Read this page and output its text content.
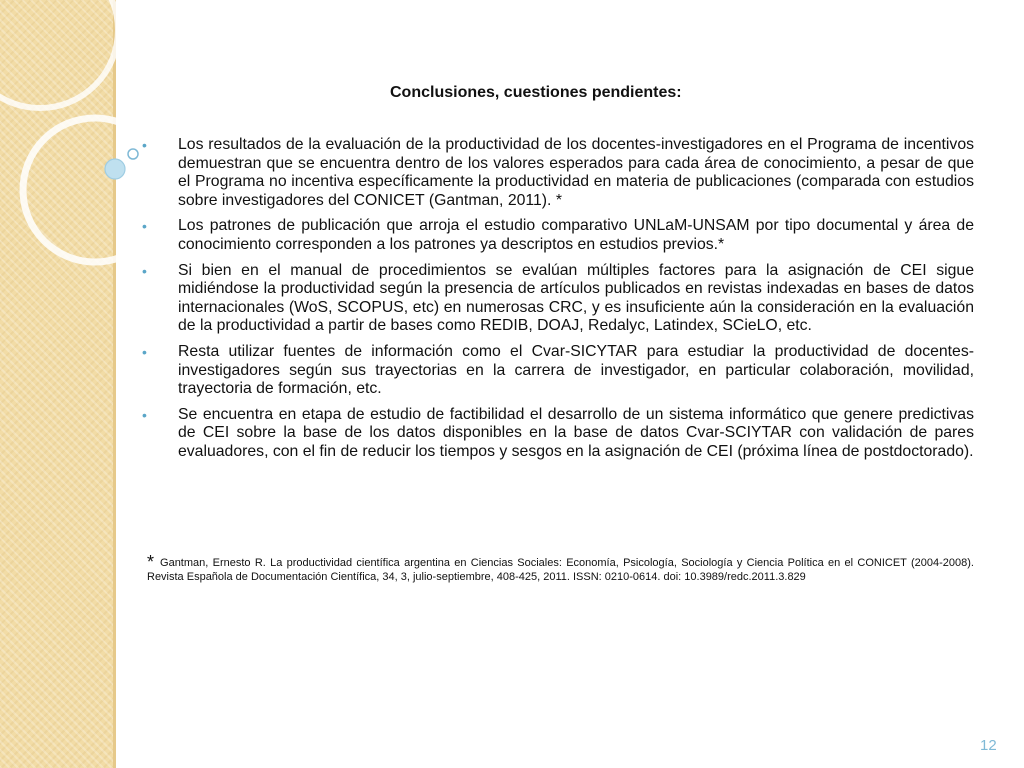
Conclusiones, cuestiones pendientes:
• Los resultados de la evaluación de la productividad de los docentes-investigadores en el Programa de incentivos demuestran que se encuentra dentro de los valores esperados para cada área de conocimiento, a pesar de que el Programa no incentiva específicamente la productividad en materia de publicaciones (comparada con estudios sobre investigadores del CONICET (Gantman, 2011). *
• Los patrones de publicación que arroja el estudio comparativo UNLaM-UNSAM por tipo documental y área de conocimiento corresponden a los patrones ya descriptos en estudios previos.*
• Si bien en el manual de procedimientos se evalúan múltiples factores para la asignación de CEI sigue midiéndose la productividad según la presencia de artículos publicados en revistas indexadas en bases de datos internacionales (WoS, SCOPUS, etc) en numerosas CRC, y es insuficiente aún la consideración en la evaluación de la productividad a partir de bases como REDIB, DOAJ, Redalyc, Latindex, SCieLO, etc.
• Resta utilizar fuentes de información como el Cvar-SICYTAR para estudiar la productividad de docentes-investigadores según sus trayectorias en la carrera de investigador, en particular colaboración, movilidad, trayectoria de formación, etc.
• Se encuentra en etapa de estudio de factibilidad el desarrollo de un sistema informático que genere predictivas de CEI sobre la base de los datos disponibles en la base de datos Cvar-SCIYTAR con validación de pares evaluadores, con el fin de reducir los tiempos y sesgos en la asignación de CEI (próxima línea de postdoctorado).
* Gantman, Ernesto R. La productividad científica argentina en Ciencias Sociales: Economía, Psicología, Sociología y Ciencia Política en el CONICET (2004-2008). Revista Española de Documentación Científica, 34, 3, julio-septiembre, 408-425, 2011. ISSN: 0210-0614. doi: 10.3989/redc.2011.3.829
12
